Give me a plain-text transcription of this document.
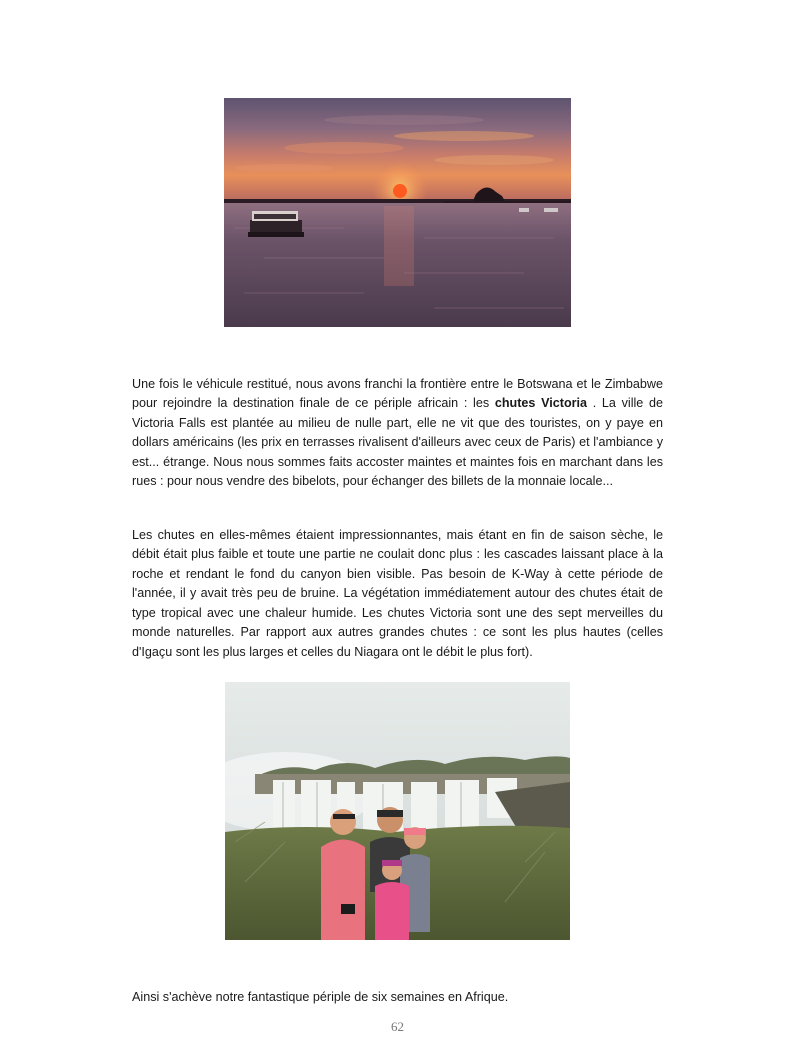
Une fois le véhicule restitué, nous avons franchi la frontière entre le Botswana et le Zimbabwe pour rejoindre la destination finale de ce périple africain : les chutes Victoria . La ville de Victoria Falls est plantée au milieu de nulle part, elle ne vit que des touristes, on y paye en dollars américains (les prix en terrasses rivalisent d'ailleurs avec ceux de Paris) et l'ambiance y est... étrange. Nous nous sommes faits accoster maintes et maintes fois en marchant dans les rues : pour nous vendre des bibelots, pour échanger des billets de la monnaie locale...

Les chutes en elles-mêmes étaient impressionnantes, mais étant en fin de saison sèche, le débit était plus faible et toute une partie ne coulait donc plus : les cascades laissant place à la roche et rendant le fond du canyon bien visible. Pas besoin de K-Way à cette période de l'année, il y avait très peu de bruine. La végétation immédiatement autour des chutes était de type tropical avec une chaleur humide. Les chutes Victoria sont une des sept merveilles du monde naturelles. Par rapport aux autres grandes chutes : ce sont les plus hautes (celles d'Igaçu sont les plus larges et celles du Niagara ont le débit le plus fort).

Ainsi s'achève notre fantastique périple de six semaines en Afrique.

62
